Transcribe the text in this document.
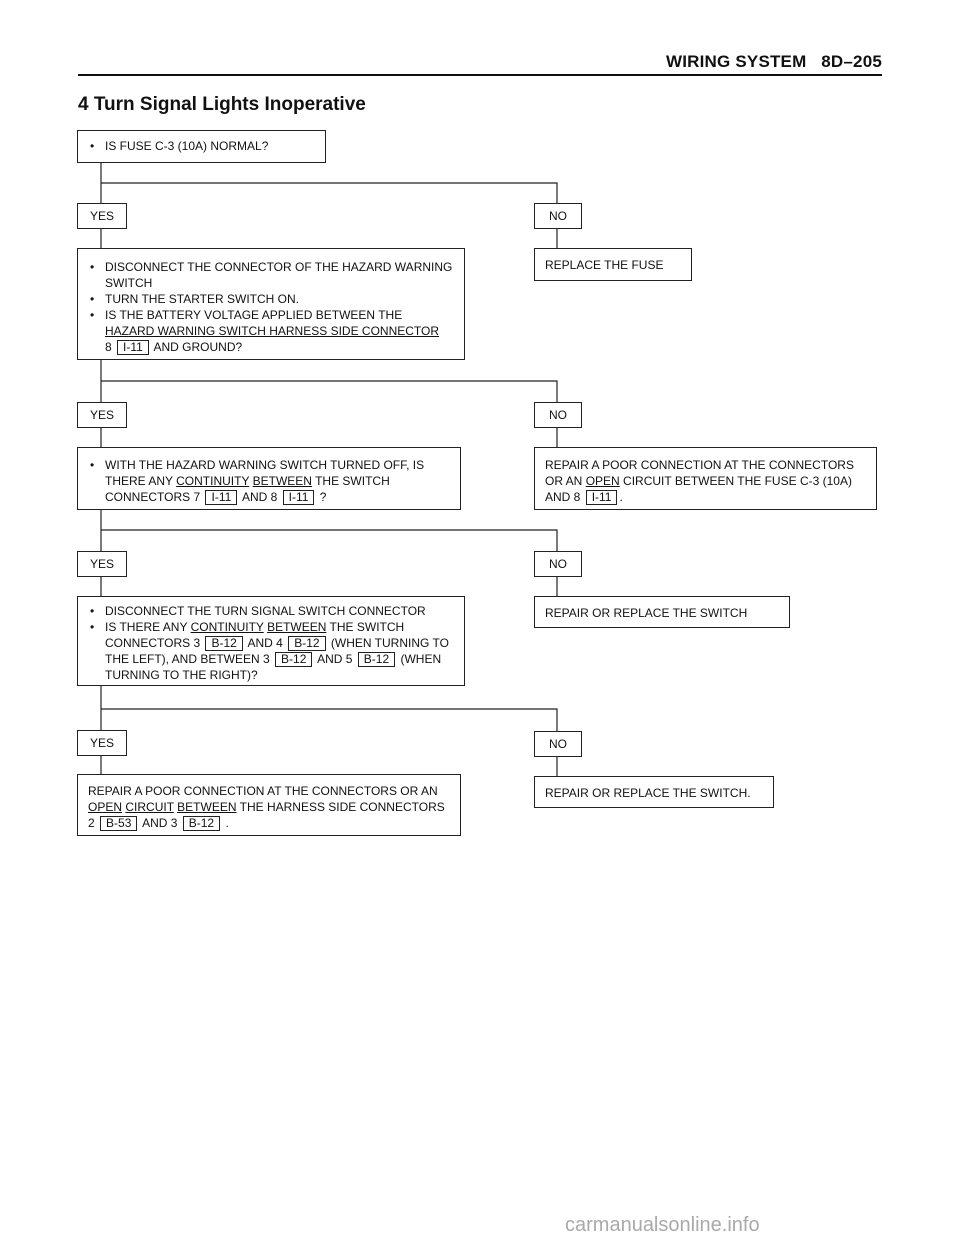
WIRING SYSTEM 8D–205
4 Turn Signal Lights Inoperative
• IS FUSE C-3 (10A) NORMAL?
YES	NO
REPLACE THE FUSE
• DISCONNECT THE CONNECTOR OF THE HAZARD WARNING SWITCH
• TURN THE STARTER SWITCH ON.
• IS THE BATTERY VOLTAGE APPLIED BETWEEN THE
HAZARD WARNING SWITCH HARNESS SIDE CONNECTOR
8 I-11 AND GROUND?
YES	NO
• WITH THE HAZARD WARNING SWITCH TURNED OFF, IS
THERE ANY CONTINUITY BETWEEN THE SWITCH
CONNECTORS 7 I-11 AND 8 I-11 ?
REPAIR A POOR CONNECTION AT THE CONNECTORS
OR AN OPEN CIRCUIT BETWEEN THE FUSE C-3 (10A)
AND 8 I-11 .
YES	NO
• DISCONNECT THE TURN SIGNAL SWITCH CONNECTOR
• IS THERE ANY CONTINUITY BETWEEN THE SWITCH
CONNECTORS 3 B-12 AND 4 B-12 (WHEN TURNING TO
THE LEFT), AND BETWEEN 3 B-12 AND 5 B-12 (WHEN
TURNING TO THE RIGHT)?
REPAIR OR REPLACE THE SWITCH
YES	NO
REPAIR A POOR CONNECTION AT THE CONNECTORS OR AN
OPEN CIRCUIT BETWEEN THE HARNESS SIDE CONNECTORS
2 B-53 AND 3 B-12 .
REPAIR OR REPLACE THE SWITCH.
carmanualsonline.info
